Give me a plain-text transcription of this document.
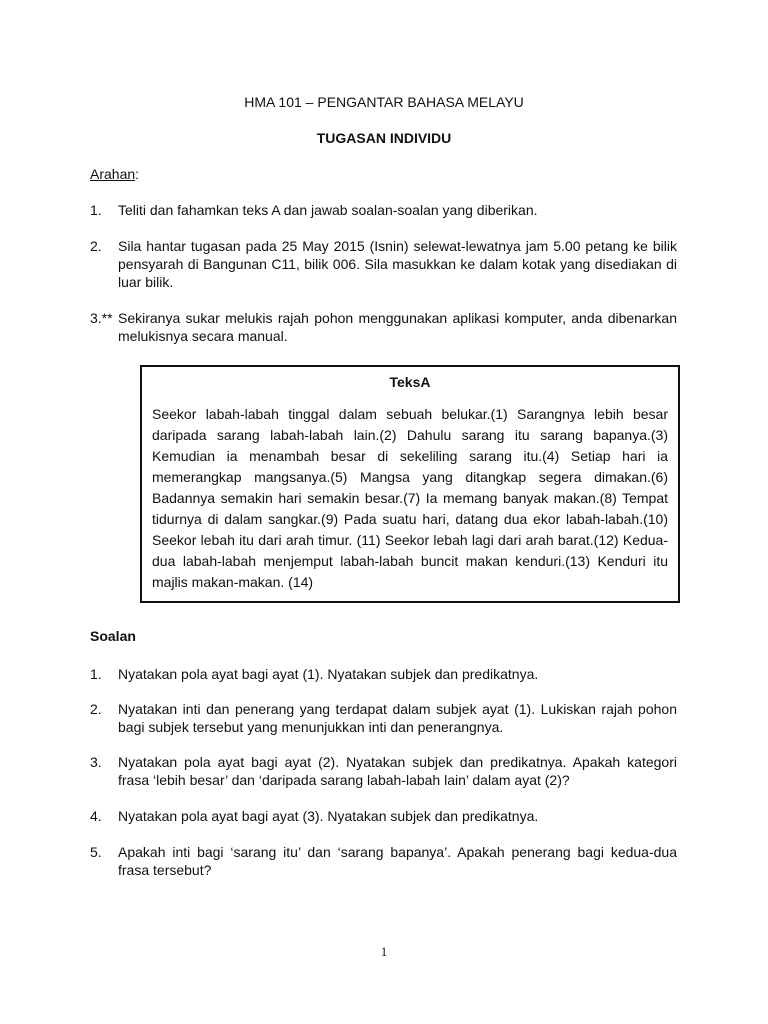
HMA 101 – PENGANTAR BAHASA MELAYU
TUGASAN INDIVIDU
Arahan:
1.	Teliti dan fahamkan teks A dan jawab soalan-soalan yang diberikan.
2.	Sila hantar tugasan pada 25 May 2015 (Isnin) selewat-lewatnya jam 5.00 petang ke bilik pensyarah di Bangunan C11, bilik 006. Sila masukkan ke dalam kotak yang disediakan di luar bilik.
3.** Sekiranya sukar melukis rajah pohon menggunakan aplikasi komputer, anda dibenarkan melukisnya secara manual.
TeksA
Seekor labah-labah tinggal dalam sebuah belukar.(1) Sarangnya lebih besar daripada sarang labah-labah lain.(2) Dahulu sarang itu sarang bapanya.(3) Kemudian ia menambah besar di sekeliling sarang itu.(4) Setiap hari ia memerangkap mangsanya.(5) Mangsa yang ditangkap segera dimakan.(6) Badannya semakin hari semakin besar.(7) Ia memang banyak makan.(8) Tempat tidurnya di dalam sangkar.(9) Pada suatu hari, datang dua ekor labah-labah.(10) Seekor lebah itu dari arah timur. (11) Seekor lebah lagi dari arah barat.(12) Kedua-dua labah-labah menjemput labah-labah buncit makan kenduri.(13) Kenduri itu majlis makan-makan. (14)
Soalan
1.	Nyatakan pola ayat bagi ayat (1). Nyatakan subjek dan predikatnya.
2.	Nyatakan inti dan penerang yang terdapat dalam subjek ayat (1). Lukiskan rajah pohon bagi subjek tersebut yang menunjukkan inti dan penerangnya.
3.	Nyatakan pola ayat bagi ayat (2). Nyatakan subjek dan predikatnya. Apakah kategori frasa ‘lebih besar’ dan ‘daripada sarang labah-labah lain’ dalam ayat (2)?
4.	Nyatakan pola ayat bagi ayat (3). Nyatakan subjek dan predikatnya.
5.	Apakah inti bagi ‘sarang itu’ dan ‘sarang bapanya’. Apakah penerang bagi kedua-dua frasa tersebut?
1
